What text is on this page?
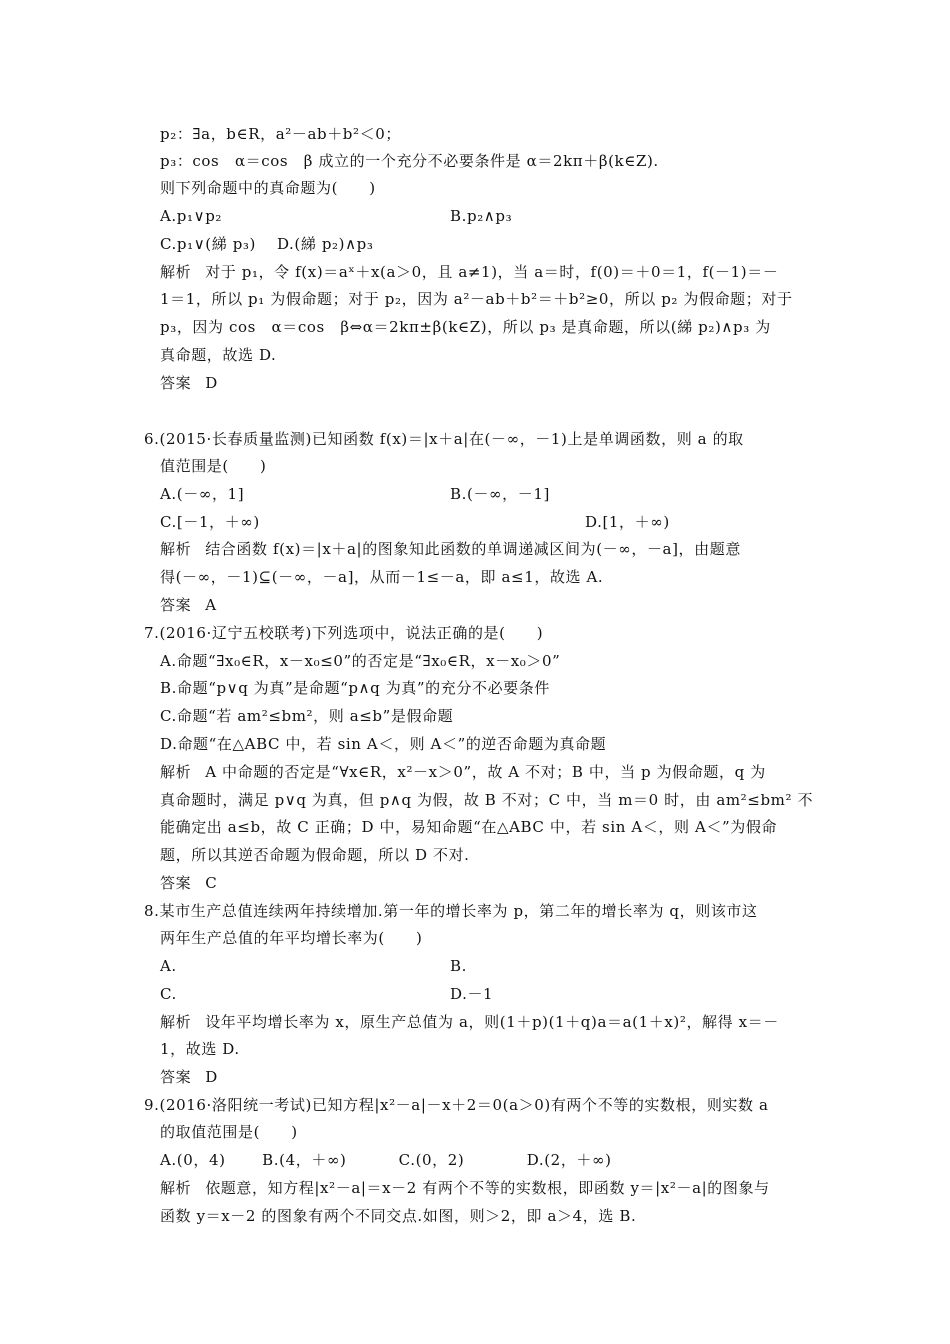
p₂：∃a，b∈R，a²－ab＋b²＜0；
p₃：cos　α＝cos　β 成立的一个充分不必要条件是 α＝2kπ＋β(k∈Z).
则下列命题中的真命题为(　　)
A.p₁∨p₂	B.p₂∧p₃
C.p₁∨(綈 p₃)　 D.(綈 p₂)∧p₃
解析 对于 p₁，令 f(x)＝aˣ＋x(a＞0，且 a≠1)，当 a＝时，f(0)＝＋0＝1，f(－1)＝－
1＝1，所以 p₁ 为假命题；对于 p₂，因为 a²－ab＋b²＝＋b²≥0，所以 p₂ 为假命题；对于
p₃，因为 cos　α＝cos　β⇔α＝2kπ±β(k∈Z)，所以 p₃ 是真命题，所以(綈 p₂)∧p₃ 为
真命题，故选 D.
答案 D
6.(2015·长春质量监测)已知函数 f(x)＝|x＋a|在(－∞，－1)上是单调函数，则 a 的取
值范围是(　　)
A.(－∞，1]	B.(－∞，－1]
C.[－1，＋∞)	D.[1，＋∞)
解析 结合函数 f(x)＝|x＋a|的图象知此函数的单调递减区间为(－∞，－a]，由题意
得(－∞，－1)⊆(－∞，－a]，从而－1≤－a，即 a≤1，故选 A.
答案 A
7.(2016·辽宁五校联考)下列选项中，说法正确的是(　　)
A.命题“∃x₀∈R，x－x₀≤0”的否定是“∃x₀∈R，x－x₀＞0”
B.命题“p∨q 为真”是命题“p∧q 为真”的充分不必要条件
C.命题“若 am²≤bm²，则 a≤b”是假命题
D.命题“在△ABC 中，若 sin A＜，则 A＜”的逆否命题为真命题
解析 A 中命题的否定是“∀x∈R，x²－x＞0”，故 A 不对；B 中，当 p 为假命题，q 为
真命题时，满足 p∨q 为真，但 p∧q 为假，故 B 不对；C 中，当 m＝0 时，由 am²≤bm² 不
能确定出 a≤b，故 C 正确；D 中，易知命题“在△ABC 中，若 sin A＜，则 A＜”为假命
题，所以其逆否命题为假命题，所以 D 不对.
答案 C
8.某市生产总值连续两年持续增加.第一年的增长率为 p，第二年的增长率为 q，则该市这
两年生产总值的年平均增长率为(　　)
A.	B.
C.	D.－1
解析 设年平均增长率为 x，原生产总值为 a，则(1＋p)(1＋q)a＝a(1＋x)²，解得 x＝－
1，故选 D.
答案 D
9.(2016·洛阳统一考试)已知方程|x²－a|－x＋2＝0(a＞0)有两个不等的实数根，则实数 a
的取值范围是(　　)
A.(0，4)　　 B.(4，＋∞)　　　 C.(0，2)　　　　D.(2，＋∞)
解析 依题意，知方程|x²－a|＝x－2 有两个不等的实数根，即函数 y＝|x²－a|的图象与
函数 y＝x－2 的图象有两个不同交点.如图，则＞2，即 a＞4，选 B.
